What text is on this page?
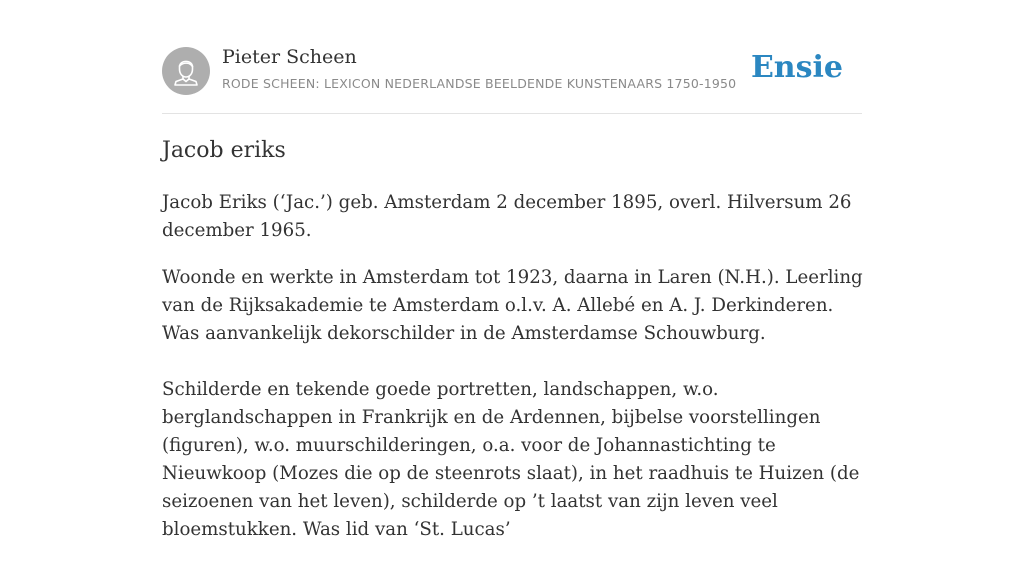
Pieter Scheen
RODE SCHEEN: LEXICON NEDERLANDSE BEELDENDE KUNSTENAARS 1750-1950 Ensie
Jacob eriks

Jacob Eriks (‘Jac.’) geb. Amsterdam 2 december 1895, overl. Hilversum 26 december 1965.

Woonde en werkte in Amsterdam tot 1923, daarna in Laren (N.H.). Leerling van de Rijksakademie te Amsterdam o.l.v. A. Allebé en A. J. Derkinderen. Was aanvankelijk dekorschilder in de Amsterdamse Schouwburg.

Schilderde en tekende goede portretten, landschappen, w.o. berglandschappen in Frankrijk en de Ardennen, bijbelse voorstellingen (figuren), w.o. muurschilderingen, o.a. voor de Johannastichting te Nieuwkoop (Mozes die op de steenrots slaat), in het raadhuis te Huizen (de seizoenen van het leven), schilderde op ’t laatst van zijn leven veel bloemstukken. Was lid van ‘St. Lucas’
